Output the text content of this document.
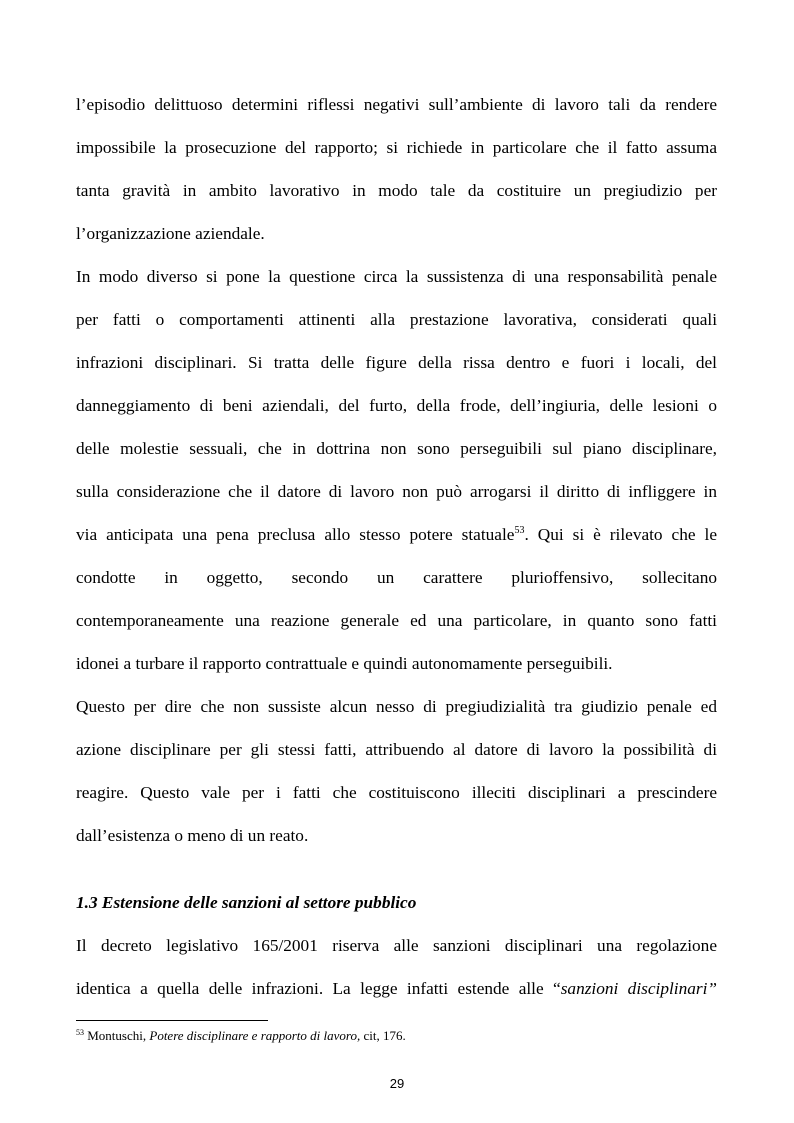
l’episodio delittuoso determini riflessi negativi sull’ambiente di lavoro tali da rendere
impossibile la prosecuzione del rapporto; si richiede in particolare che il fatto assuma
tanta gravità in ambito lavorativo in modo tale da costituire un pregiudizio per
l’organizzazione aziendale.
In modo diverso si pone la questione circa la sussistenza di una responsabilità penale
per fatti o comportamenti attinenti alla prestazione lavorativa, considerati quali
infrazioni disciplinari. Si tratta delle figure della rissa dentro e fuori i locali, del
danneggiamento di beni aziendali, del furto, della frode, dell’ingiuria, delle lesioni o
delle molestie sessuali, che in dottrina non sono perseguibili sul piano disciplinare,
sulla considerazione che il datore di lavoro non può arrogarsi il diritto di infliggere in
via anticipata una pena preclusa allo stesso potere statuale$^{53}$. Qui si è rilevato che le
condotte in oggetto, secondo un carattere plurioffensivo, sollecitano
contemporaneamente una reazione generale ed una particolare, in quanto sono fatti
idonei a turbare il rapporto contrattuale e quindi autonomamente perseguibili.
Questo per dire che non sussiste alcun nesso di pregiudizialità tra giudizio penale ed
azione disciplinare per gli stessi fatti, attribuendo al datore di lavoro la possibilità di
reagire. Questo vale per i fatti che costituiscono illeciti disciplinari a prescindere
dall’esistenza o meno di un reato.
1.3 Estensione delle sanzioni al settore pubblico
Il decreto legislativo 165/2001 riserva alle sanzioni disciplinari una regolazione
identica a quella delle infrazioni. La legge infatti estende alle “sanzioni disciplinari”
$^{53}$ Montuschi, Potere disciplinare e rapporto di lavoro, cit, 176.
29
